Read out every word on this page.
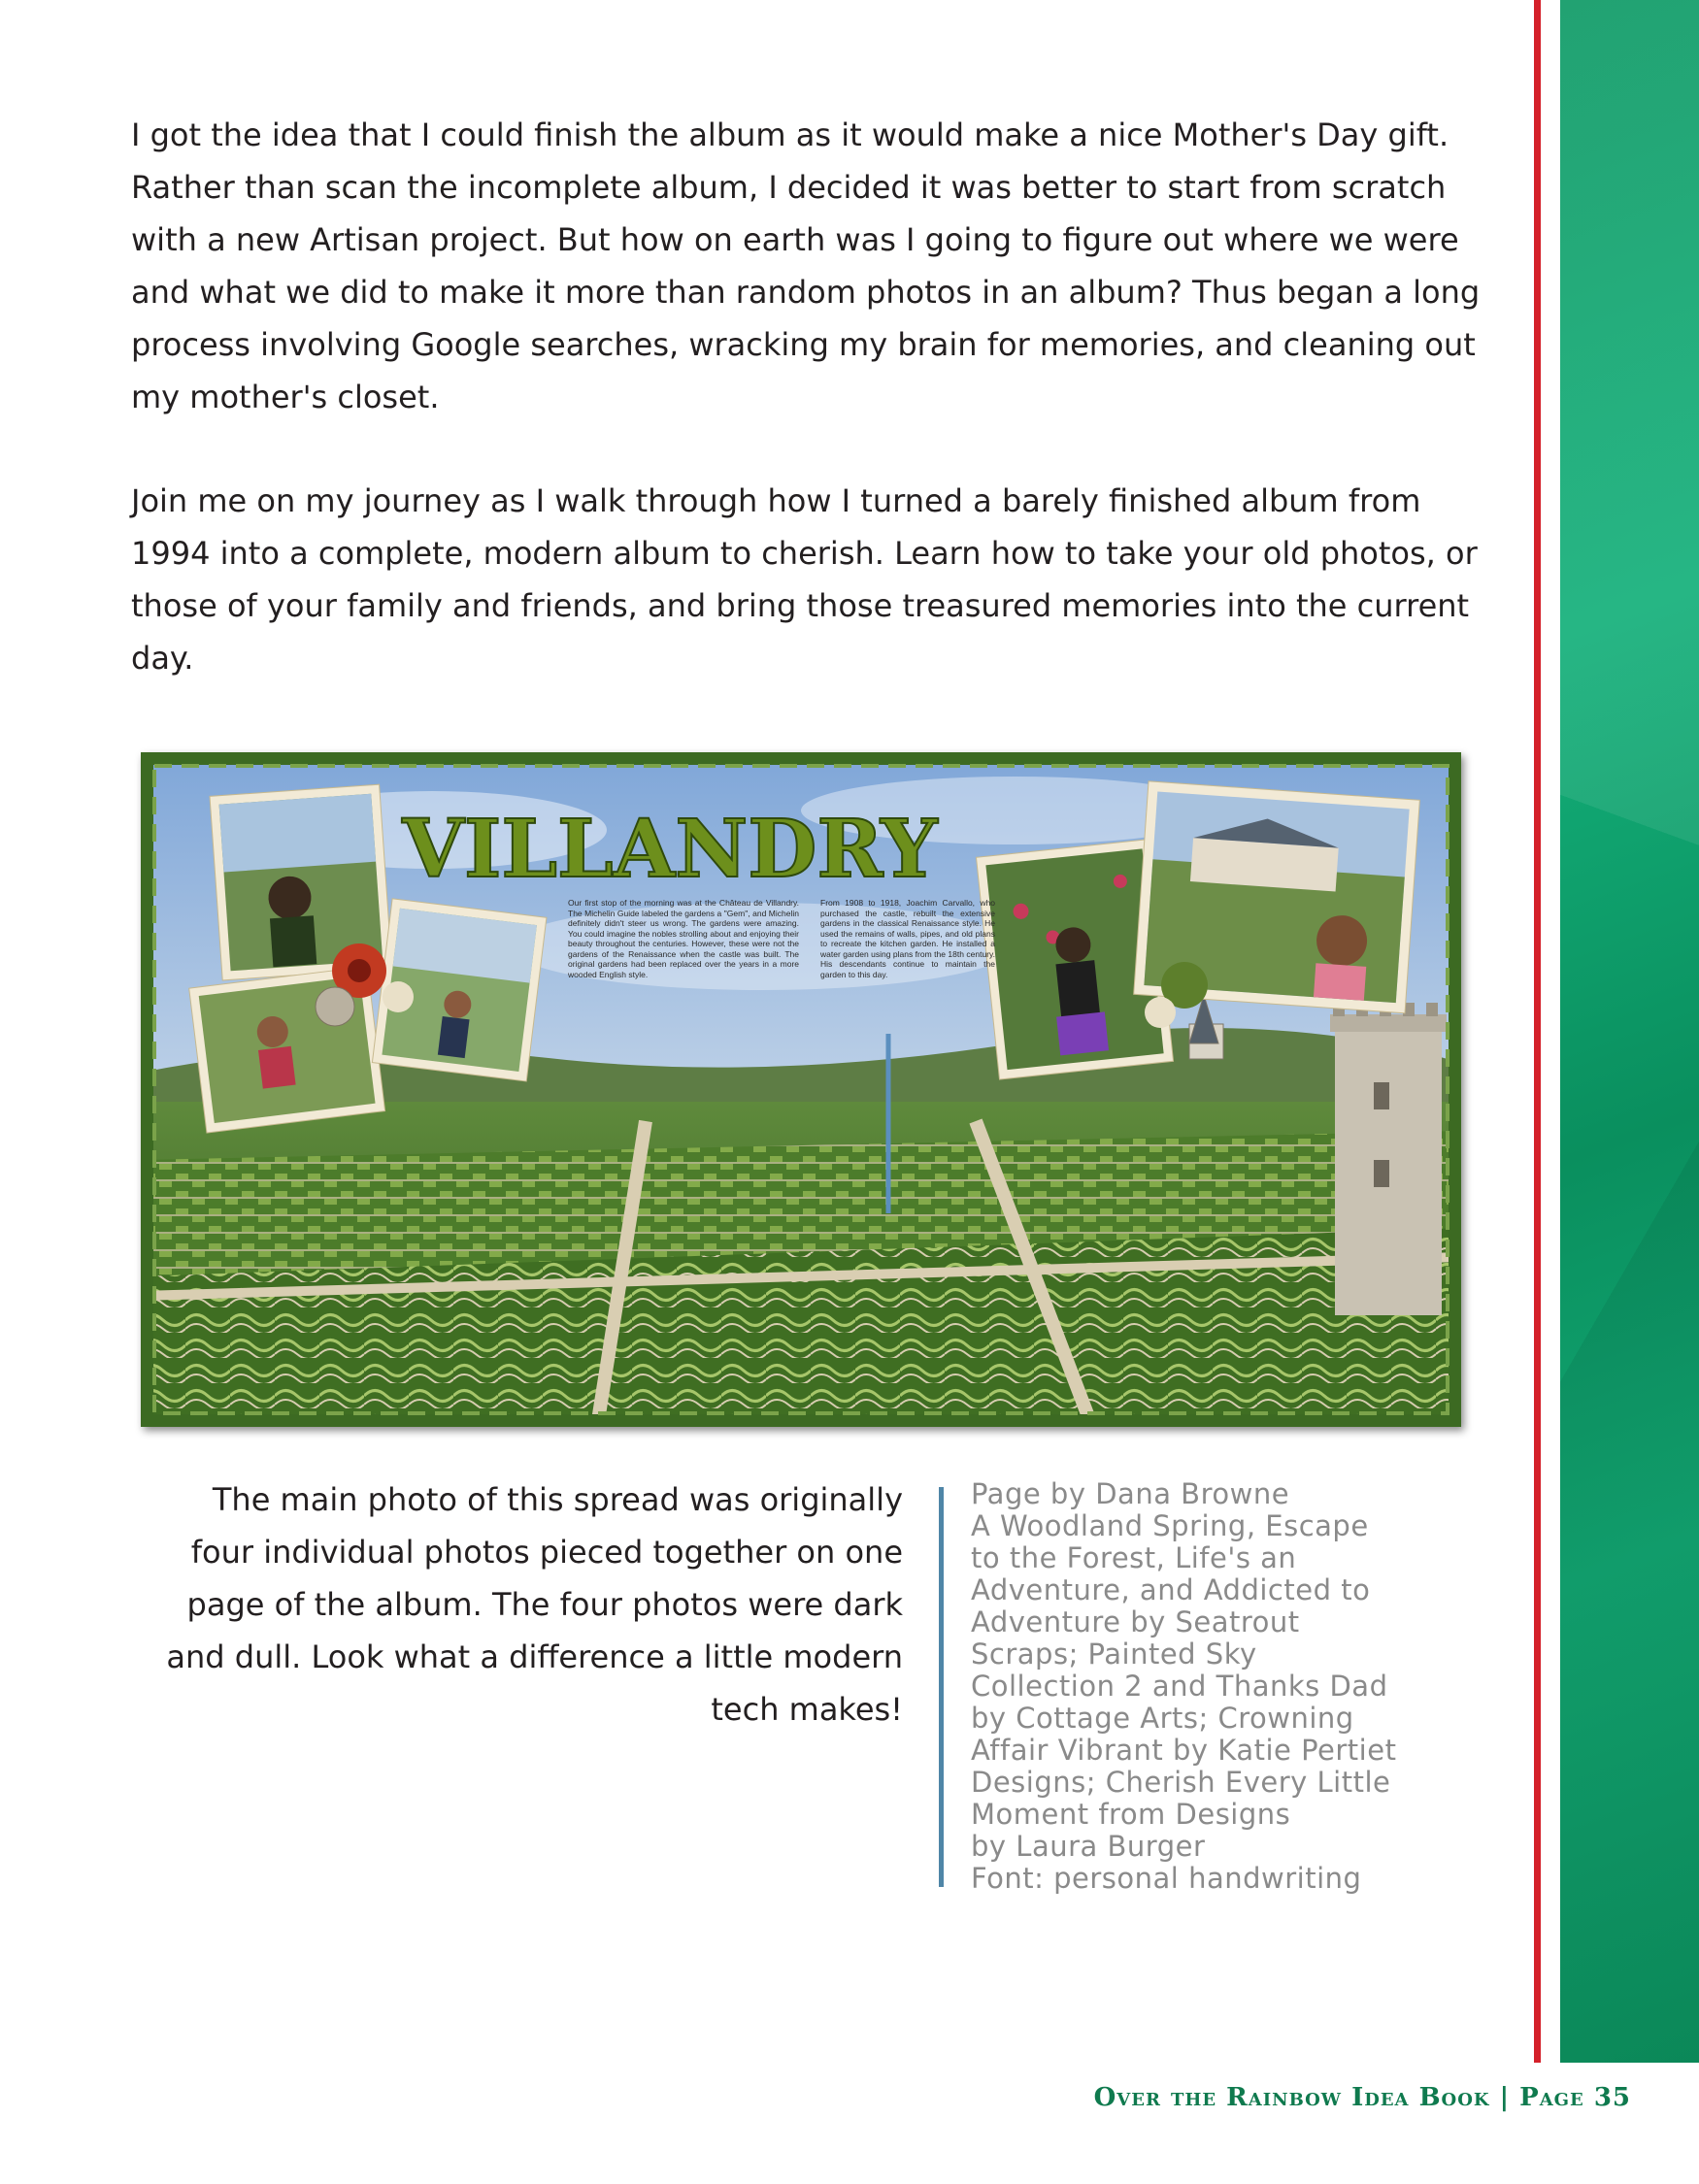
I got the idea that I could finish the album as it would make a nice Mother's Day gift. Rather than scan the incomplete album, I decided it was better to start from scratch with a new Artisan project. But how on earth was I going to figure out where we were and what we did to make it more than random photos in an album? Thus began a long process involving Google searches, wracking my brain for memories, and cleaning out my mother's closet.

Join me on my journey as I walk through how I turned a barely finished album from 1994 into a complete, modern album to cherish. Learn how to take your old photos, or those of your family and friends, and bring those treasured memories into the current day.

VILLANDRY
Our first stop of the morning was at the Château de Villandry. The Michelin Guide labeled the gardens a "Gem", and Michelin definitely didn't steer us wrong. The gardens were amazing. You could imagine the nobles strolling about and enjoying their beauty throughout the centuries. However, these were not the gardens of the Renaissance when the castle was built. The original gardens had been replaced over the years in a more wooded English style.
From 1908 to 1918, Joachim Carvallo, who purchased the castle, rebuilt the extensive gardens in the classical Renaissance style. He used the remains of walls, pipes, and old plans to recreate the kitchen garden. He installed a water garden using plans from the 18th century. His descendants continue to maintain the garden to this day.
The main photo of this spread was originally four individual photos pieced together on one page of the album. The four photos were dark and dull. Look what a difference a little modern tech makes!
Page by Dana Browne
A Woodland Spring, Escape
to the Forest, Life's an
Adventure, and Addicted to
Adventure by Seatrout
Scraps; Painted Sky
Collection 2 and Thanks Dad
by Cottage Arts; Crowning
Affair Vibrant by Katie Pertiet
Designs; Cherish Every Little
Moment from Designs
by Laura Burger
Font: personal handwriting
Over the Rainbow Idea Book | Page 35
